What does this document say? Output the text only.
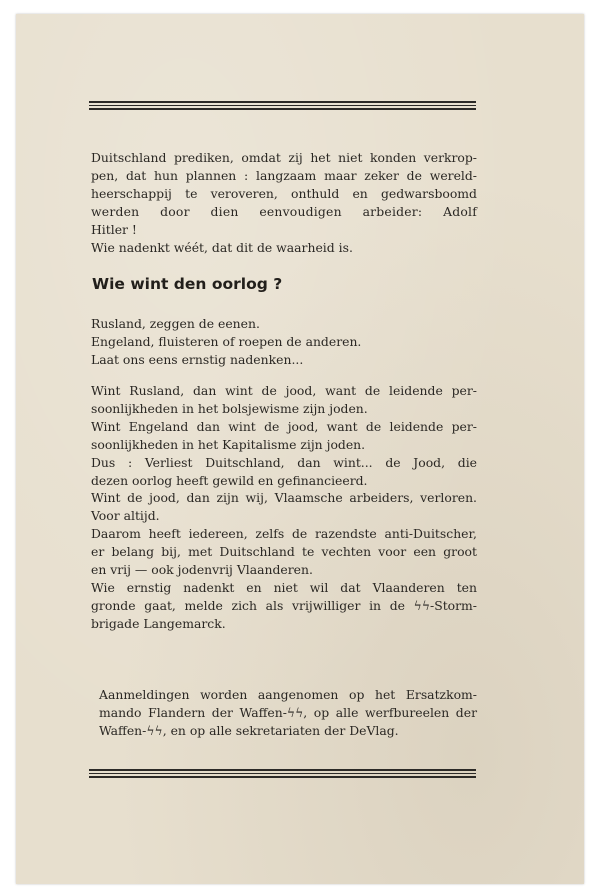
Duitschland prediken, omdat zij het niet konden verkrop-
pen, dat hun plannen : langzaam maar zeker de wereld-
heerschappij te veroveren, onthuld en gedwarsboomd
werden door dien eenvoudigen arbeider: Adolf
Hitler !
Wie nadenkt wéét, dat dit de waarheid is.
Wie wint den oorlog ?
Rusland, zeggen de eenen.
Engeland, fluisteren of roepen de anderen.
Laat ons eens ernstig nadenken...
Wint Rusland, dan wint de jood, want de leidende per-
soonlijkheden in het bolsjewisme zijn joden.
Wint Engeland dan wint de jood, want de leidende per-
soonlijkheden in het Kapitalisme zijn joden.
Dus : Verliest Duitschland, dan wint... de Jood, die
dezen oorlog heeft gewild en gefinancieerd.
Wint de jood, dan zijn wij, Vlaamsche arbeiders, verloren.
Voor altijd.
Daarom heeft iedereen, zelfs de razendste anti-Duitscher,
er belang bij, met Duitschland te vechten voor een groot
en vrij — ook jodenvrij Vlaanderen.
Wie ernstig nadenkt en niet wil dat Vlaanderen ten
gronde gaat, melde zich als vrijwilliger in de ϟϟ-Storm-
brigade Langemarck.
Aanmeldingen worden aangenomen op het Ersatzkom-
mando Flandern der Waffen-ϟϟ, op alle werfbureelen der
Waffen-ϟϟ, en op alle sekretariaten der DeVlag.
